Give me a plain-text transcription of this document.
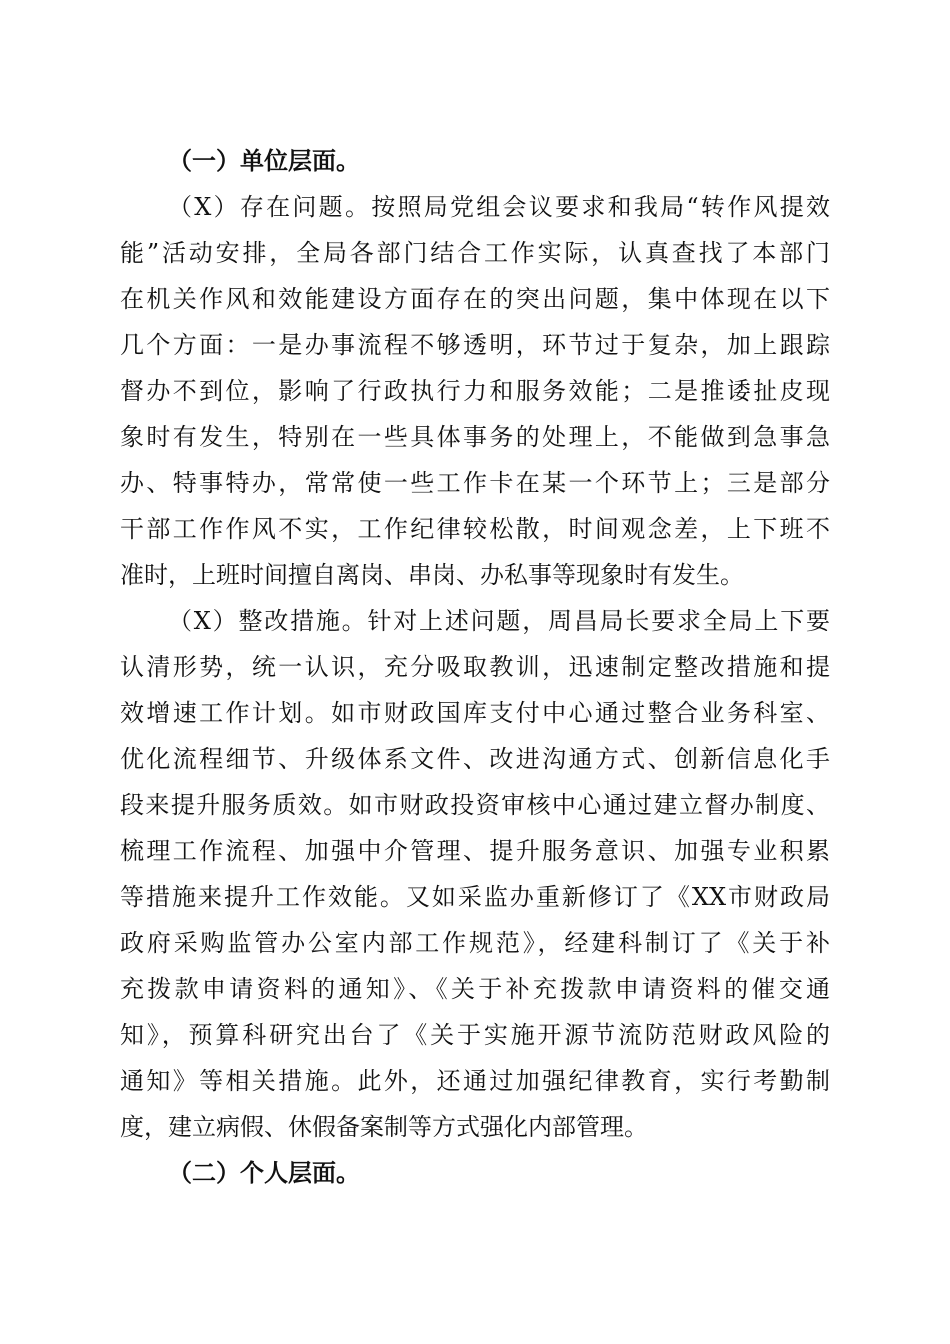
（一）单位层面。
（X）存在问题。按照局党组会议要求和我局“转作风提效
能”活动安排，全局各部门结合工作实际，认真查找了本部门
在机关作风和效能建设方面存在的突出问题，集中体现在以下
几个方面：一是办事流程不够透明，环节过于复杂，加上跟踪
督办不到位，影响了行政执行力和服务效能；二是推诿扯皮现
象时有发生，特别在一些具体事务的处理上，不能做到急事急
办、特事特办，常常使一些工作卡在某一个环节上；三是部分
干部工作作风不实，工作纪律较松散，时间观念差，上下班不
准时，上班时间擅自离岗、串岗、办私事等现象时有发生。
（X）整改措施。针对上述问题，周昌局长要求全局上下要
认清形势，统一认识，充分吸取教训，迅速制定整改措施和提
效增速工作计划。如市财政国库支付中心通过整合业务科室、
优化流程细节、升级体系文件、改进沟通方式、创新信息化手
段来提升服务质效。如市财政投资审核中心通过建立督办制度、
梳理工作流程、加强中介管理、提升服务意识、加强专业积累
等措施来提升工作效能。又如采监办重新修订了《XX市财政局
政府采购监管办公室内部工作规范》，经建科制订了《关于补
充拨款申请资料的通知》、《关于补充拨款申请资料的催交通
知》，预算科研究出台了《关于实施开源节流防范财政风险的
通知》等相关措施。此外，还通过加强纪律教育，实行考勤制
度，建立病假、休假备案制等方式强化内部管理。
（二）个人层面。
